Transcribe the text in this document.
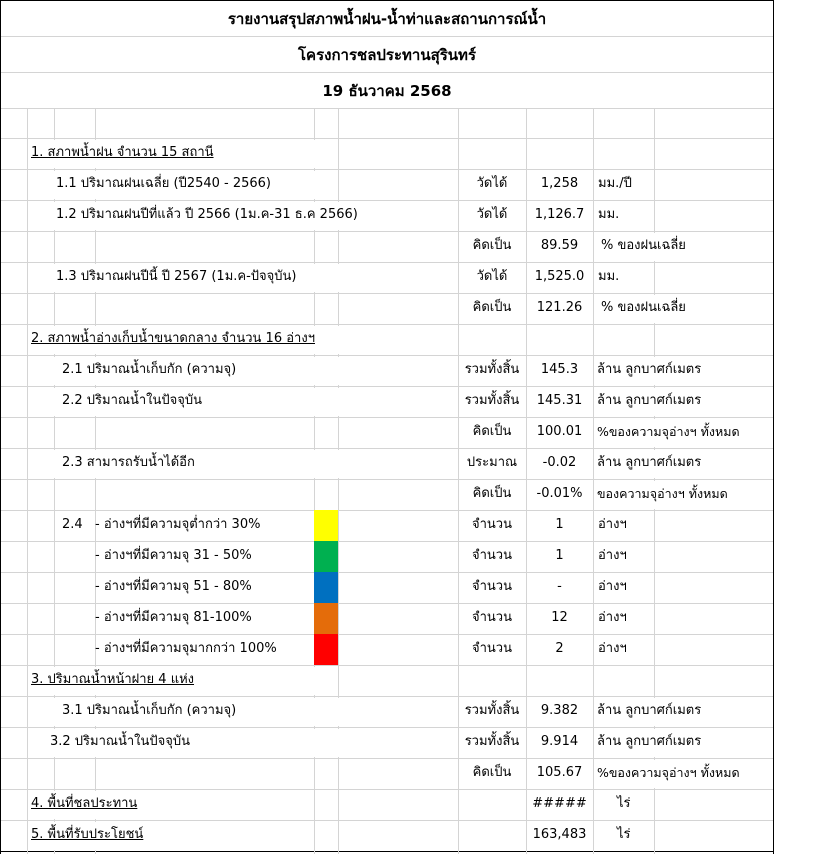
รายงานสรุปสภาพน้ำฝน-น้ำท่าและสถานการณ์น้ำ
โครงการชลประทานสุรินทร์
19 ธันวาคม 2568
1. สภาพน้ำฝน จำนวน 15 สถานี
1.1 ปริมาณฝนเฉลี่ย (ปี2540 - 2566)	วัดได้	1,258	มม./ปี
1.2 ปริมาณฝนปีที่แล้ว ปี 2566 (1ม.ค-31 ธ.ค 2566)	วัดได้	1,126.7	มม.
คิดเป็น	89.59	% ของฝนเฉลี่ย
1.3 ปริมาณฝนปีนี้ ปี 2567 (1ม.ค-ปัจจุบัน)	วัดได้	1,525.0	มม.
คิดเป็น	121.26	% ของฝนเฉลี่ย
2. สภาพน้ำอ่างเก็บน้ำขนาดกลาง จำนวน 16 อ่างฯ
2.1 ปริมาณน้ำเก็บกัก (ความจุ)	รวมทั้งสิ้น	145.3	ล้าน ลูกบาศก์เมตร
2.2 ปริมาณน้ำในปัจจุบัน	รวมทั้งสิ้น	145.31	ล้าน ลูกบาศก์เมตร
คิดเป็น	100.01	%ของความจุอ่างฯ ทั้งหมด
2.3 สามารถรับน้ำได้อีก	ประมาณ	-0.02	ล้าน ลูกบาศก์เมตร
คิดเป็น	-0.01%	ของความจุอ่างฯ ทั้งหมด
2.4 - อ่างฯที่มีความจุต่ำกว่า 30%	จำนวน	1	อ่างฯ
- อ่างฯที่มีความจุ 31 - 50%	จำนวน	1	อ่างฯ
- อ่างฯที่มีความจุ 51 - 80%	จำนวน	-	อ่างฯ
- อ่างฯที่มีความจุ 81-100%	จำนวน	12	อ่างฯ
- อ่างฯที่มีความจุมากกว่า 100%	จำนวน	2	อ่างฯ
3. ปริมาณน้ำหน้าฝาย 4 แห่ง
3.1 ปริมาณน้ำเก็บกัก (ความจุ)	รวมทั้งสิ้น	9.382	ล้าน ลูกบาศก์เมตร
3.2 ปริมาณน้ำในปัจจุบัน	รวมทั้งสิ้น	9.914	ล้าน ลูกบาศก์เมตร
คิดเป็น	105.67	%ของความจุอ่างฯ ทั้งหมด
4. พื้นที่ชลประทาน	#####	ไร่
5. พื้นที่รับประโยชน์	163,483	ไร่
